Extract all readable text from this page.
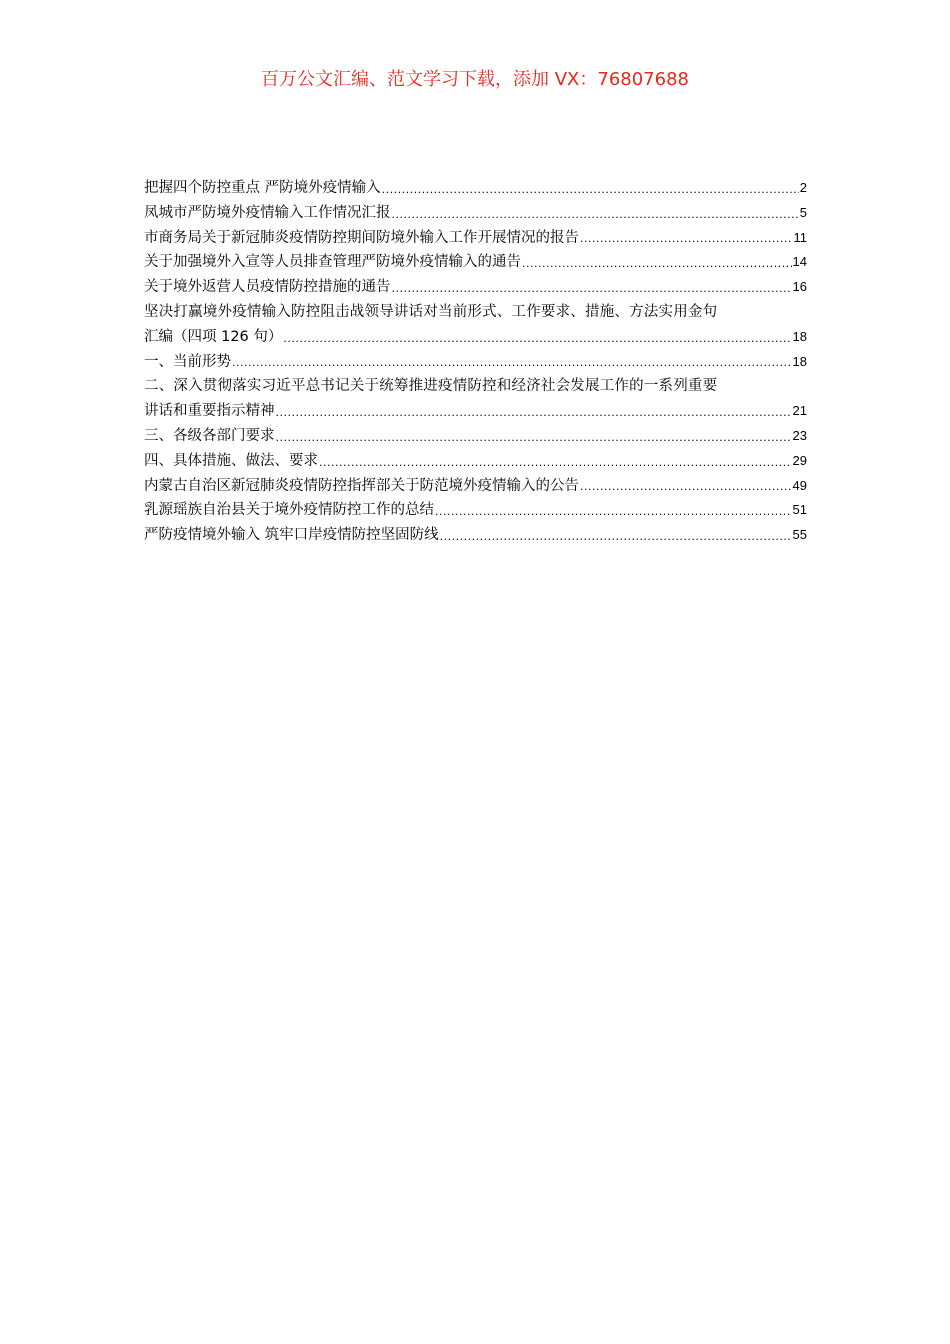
百万公文汇编、范文学习下载，添加 VX：76807688
把握四个防控重点 严防境外疫情输入 .....	2
凤城市严防境外疫情输入工作情况汇报 .....	5
市商务局关于新冠肺炎疫情防控期间防境外输入工作开展情况的报告 .....	11
关于加强境外入宣等人员排查管理严防境外疫情输入的通告 .....	14
关于境外返营人员疫情防控措施的通告 .....	16
坚决打赢境外疫情输入防控阻击战领导讲话对当前形式、工作要求、措施、方法实用金句
汇编（四项 126 句） .....	18
一、当前形势 .....	18
二、深入贯彻落实习近平总书记关于统筹推进疫情防控和经济社会发展工作的一系列重要
讲话和重要指示精神 .....	21
三、各级各部门要求 .....	23
四、具体措施、做法、要求 .....	29
内蒙古自治区新冠肺炎疫情防控指挥部关于防范境外疫情输入的公告 .....	49
乳源瑶族自治县关于境外疫情防控工作的总结 .....	51
严防疫情境外输入 筑牢口岸疫情防控坚固防线 .....	55
